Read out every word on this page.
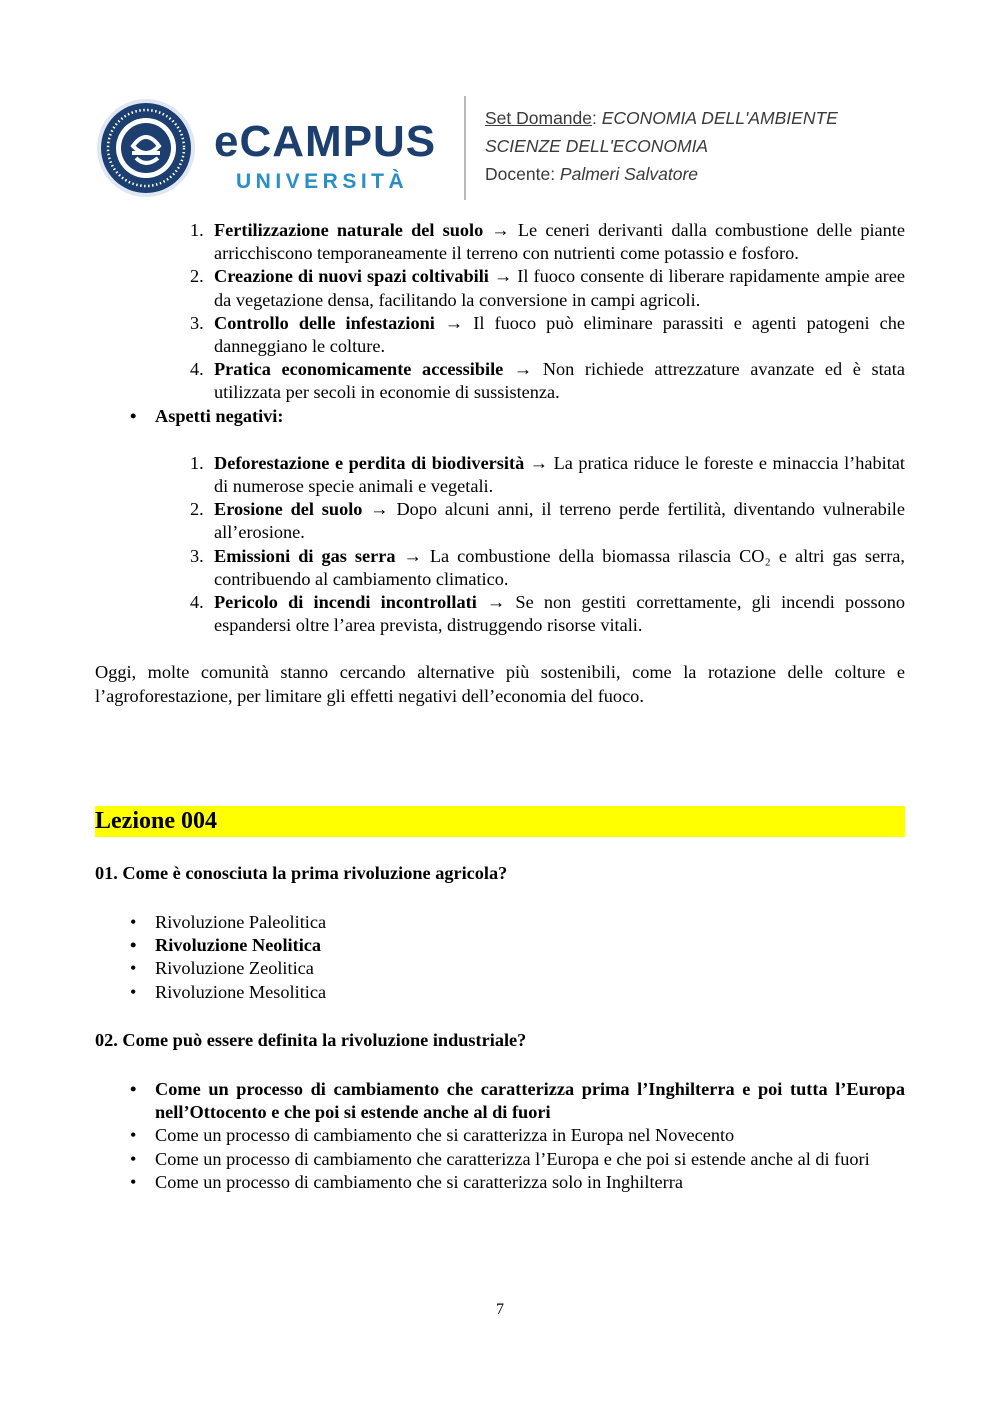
eCAMPUS
UNIVERSITÀ
Set Domande: ECONOMIA DELL'AMBIENTE
SCIENZE DELL'ECONOMIA
Docente: Palmeri Salvatore
Fertilizzazione naturale del suolo → Le ceneri derivanti dalla combustione delle piante arricchiscono temporaneamente il terreno con nutrienti come potassio e fosforo.
Creazione di nuovi spazi coltivabili → Il fuoco consente di liberare rapidamente ampie aree da vegetazione densa, facilitando la conversione in campi agricoli.
Controllo delle infestazioni → Il fuoco può eliminare parassiti e agenti patogeni che danneggiano le colture.
Pratica economicamente accessibile → Non richiede attrezzature avanzate ed è stata utilizzata per secoli in economie di sussistenza.
• Aspetti negativi:
Deforestazione e perdita di biodiversità → La pratica riduce le foreste e minaccia l’habitat di numerose specie animali e vegetali.
Erosione del suolo → Dopo alcuni anni, il terreno perde fertilità, diventando vulnerabile all’erosione.
Emissioni di gas serra → La combustione della biomassa rilascia CO₂ e altri gas serra, contribuendo al cambiamento climatico.
Pericolo di incendi incontrollati → Se non gestiti correttamente, gli incendi possono espandersi oltre l’area prevista, distruggendo risorse vitali.

Oggi, molte comunità stanno cercando alternative più sostenibili, come la rotazione delle colture e l’agroforestazione, per limitare gli effetti negativi dell’economia del fuoco.

Lezione 004
01. Come è conosciuta la prima rivoluzione agricola?
• Rivoluzione Paleolitica
• Rivoluzione Neolitica
• Rivoluzione Zeolitica
• Rivoluzione Mesolitica
02. Come può essere definita la rivoluzione industriale?
• Come un processo di cambiamento che caratterizza prima l’Inghilterra e poi tutta l’Europa nell’Ottocento e che poi si estende anche al di fuori
• Come un processo di cambiamento che si caratterizza in Europa nel Novecento
• Come un processo di cambiamento che caratterizza l’Europa e che poi si estende anche al di fuori
• Come un processo di cambiamento che si caratterizza solo in Inghilterra
7
